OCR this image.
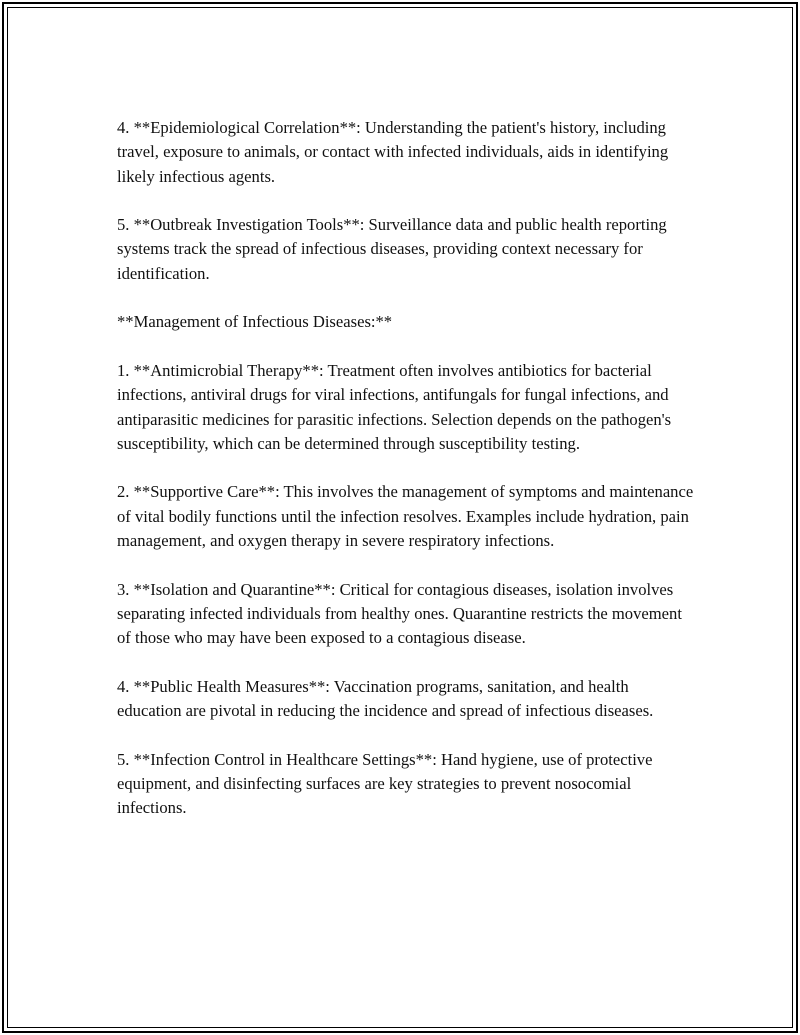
4. **Epidemiological Correlation**: Understanding the patient's history, including travel, exposure to animals, or contact with infected individuals, aids in identifying likely infectious agents.

5. **Outbreak Investigation Tools**: Surveillance data and public health reporting systems track the spread of infectious diseases, providing context necessary for identification.

**Management of Infectious Diseases:**

1. **Antimicrobial Therapy**: Treatment often involves antibiotics for bacterial infections, antiviral drugs for viral infections, antifungals for fungal infections, and antiparasitic medicines for parasitic infections. Selection depends on the pathogen's susceptibility, which can be determined through susceptibility testing.

2. **Supportive Care**: This involves the management of symptoms and maintenance of vital bodily functions until the infection resolves. Examples include hydration, pain management, and oxygen therapy in severe respiratory infections.

3. **Isolation and Quarantine**: Critical for contagious diseases, isolation involves separating infected individuals from healthy ones. Quarantine restricts the movement of those who may have been exposed to a contagious disease.

4. **Public Health Measures**: Vaccination programs, sanitation, and health education are pivotal in reducing the incidence and spread of infectious diseases.

5. **Infection Control in Healthcare Settings**: Hand hygiene, use of protective equipment, and disinfecting surfaces are key strategies to prevent nosocomial infections.
